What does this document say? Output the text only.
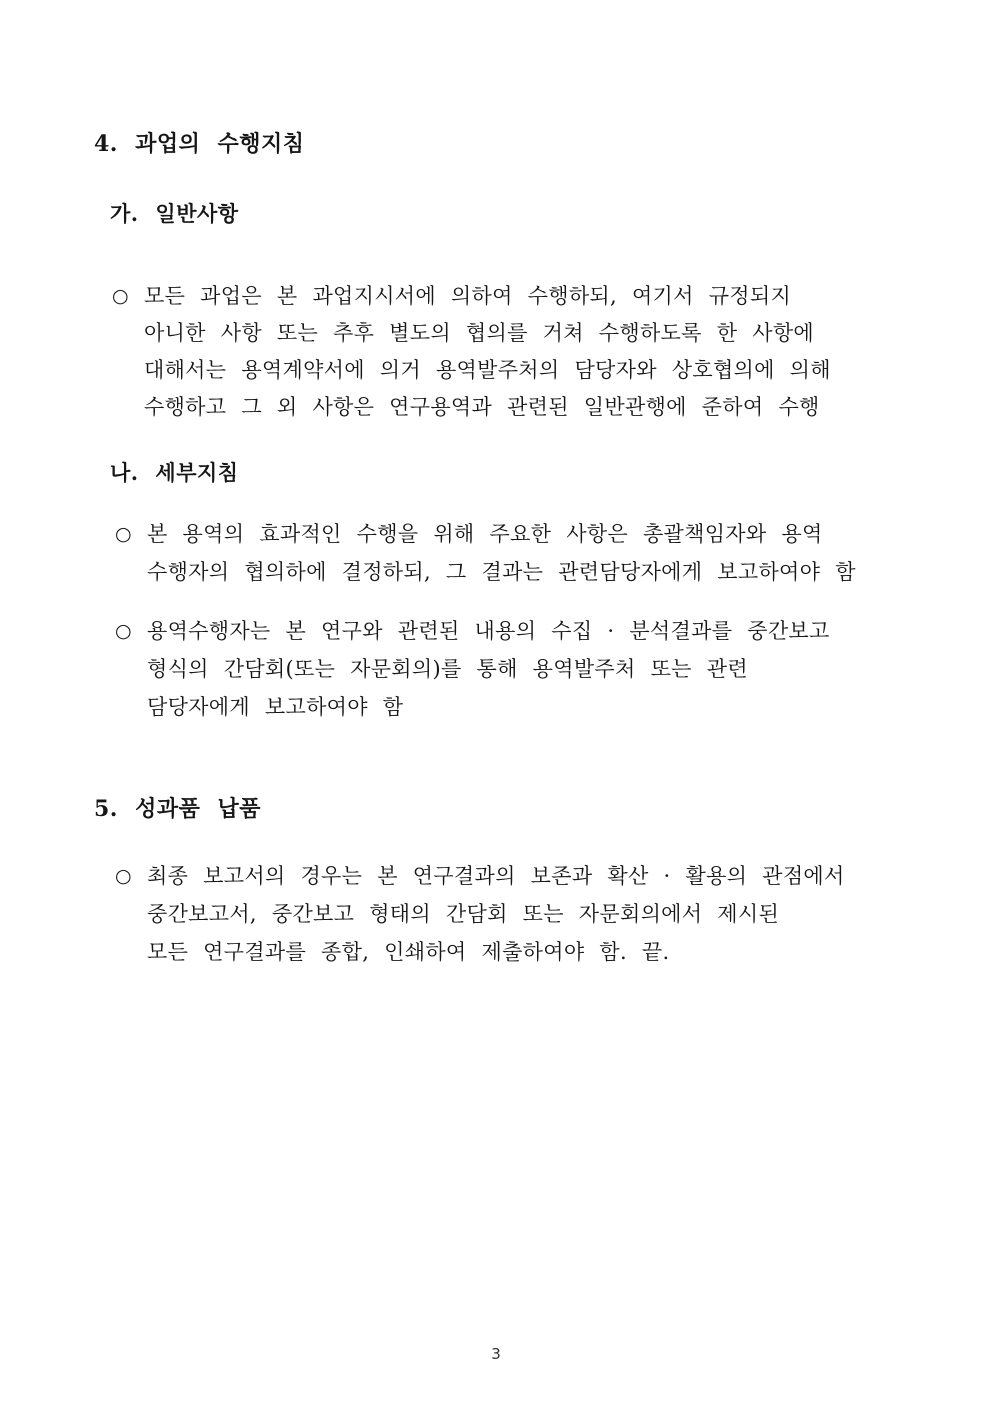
4. 과업의 수행지침
가. 일반사항
○ 모든 과업은 본 과업지시서에 의하여 수행하되, 여기서 규정되지
아니한 사항 또는 추후 별도의 협의를 거쳐 수행하도록 한 사항에
대해서는 용역계약서에 의거 용역발주처의 담당자와 상호협의에 의해
수행하고 그 외 사항은 연구용역과 관련된 일반관행에 준하여 수행
나. 세부지침
○ 본 용역의 효과적인 수행을 위해 주요한 사항은 총괄책임자와 용역
수행자의 협의하에 결정하되, 그 결과는 관련담당자에게 보고하여야 함
○ 용역수행자는 본 연구와 관련된 내용의 수집 · 분석결과를 중간보고
형식의 간담회(또는 자문회의)를 통해 용역발주처 또는 관련
담당자에게 보고하여야 함
5. 성과품 납품
○ 최종 보고서의 경우는 본 연구결과의 보존과 확산 · 활용의 관점에서
중간보고서, 중간보고 형태의 간담회 또는 자문회의에서 제시된
모든 연구결과를 종합, 인쇄하여 제출하여야 함. 끝.
3
